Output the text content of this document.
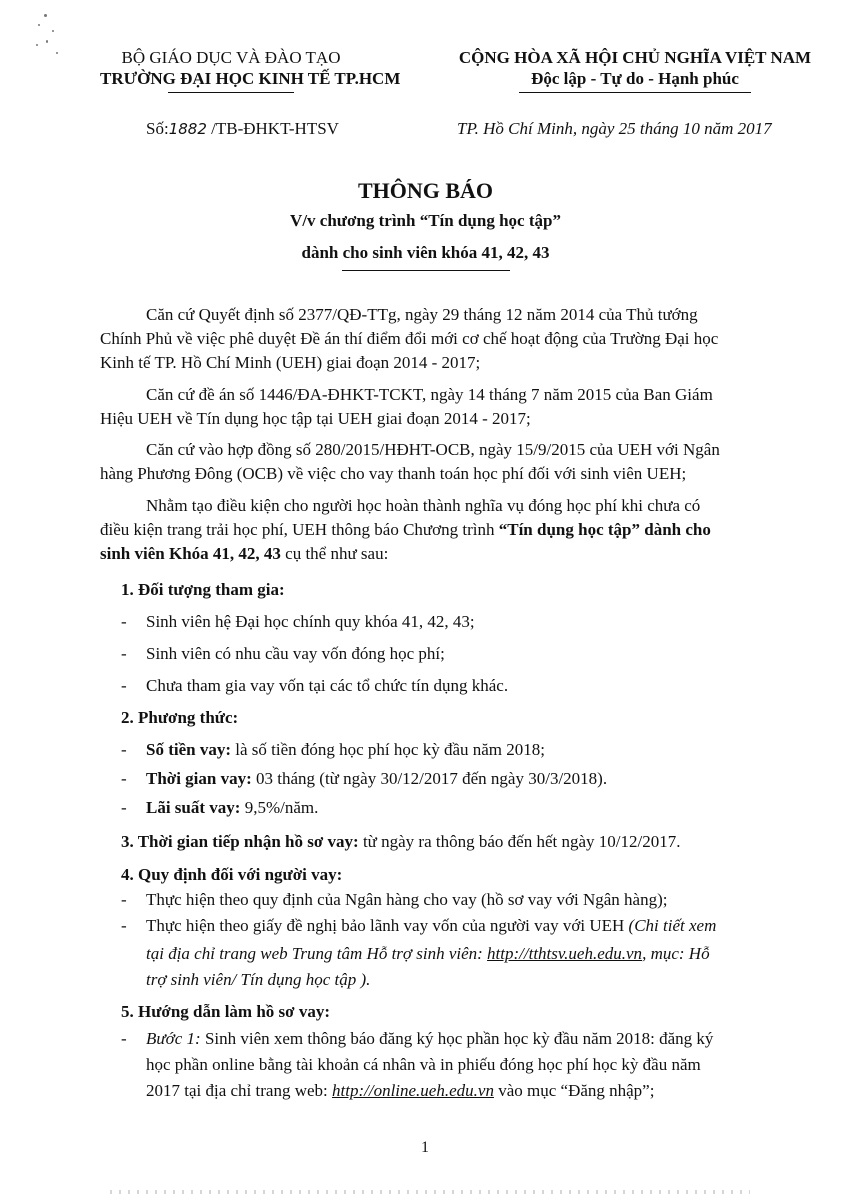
BỘ GIÁO DỤC VÀ ĐÀO TẠO
TRƯỜNG ĐẠI HỌC KINH TẾ TP.HCM
CỘNG HÒA XÃ HỘI CHỦ NGHĨA VIỆT NAM
Độc lập - Tự do - Hạnh phúc
Số:1882 /TB-ĐHKT-HTSV	TP. Hồ Chí Minh, ngày 25 tháng 10 năm 2017
THÔNG BÁO
V/v chương trình “Tín dụng học tập”
dành cho sinh viên khóa 41, 42, 43
Căn cứ Quyết định số 2377/QĐ-TTg, ngày 29 tháng 12 năm 2014 của Thủ tướng
Chính Phủ về việc phê duyệt Đề án thí điểm đổi mới cơ chế hoạt động của Trường Đại học
Kinh tế TP. Hồ Chí Minh (UEH) giai đoạn 2014 - 2017;
Căn cứ đề án số 1446/ĐA-ĐHKT-TCKT, ngày 14 tháng 7 năm 2015 của Ban Giám
Hiệu UEH về Tín dụng học tập tại UEH giai đoạn 2014 - 2017;
Căn cứ vào hợp đồng số 280/2015/HĐHT-OCB, ngày 15/9/2015 của UEH với Ngân
hàng Phương Đông (OCB) về việc cho vay thanh toán học phí đối với sinh viên UEH;
Nhằm tạo điều kiện cho người học hoàn thành nghĩa vụ đóng học phí khi chưa có
điều kiện trang trải học phí, UEH thông báo Chương trình “Tín dụng học tập” dành cho
sinh viên Khóa 41, 42, 43 cụ thể như sau:
1. Đối tượng tham gia:
- Sinh viên hệ Đại học chính quy khóa 41, 42, 43;
- Sinh viên có nhu cầu vay vốn đóng học phí;
- Chưa tham gia vay vốn tại các tổ chức tín dụng khác.
2. Phương thức:
- Số tiền vay: là số tiền đóng học phí học kỳ đầu năm 2018;
- Thời gian vay: 03 tháng (từ ngày 30/12/2017 đến ngày 30/3/2018).
- Lãi suất vay: 9,5%/năm.
3. Thời gian tiếp nhận hồ sơ vay: từ ngày ra thông báo đến hết ngày 10/12/2017.
4. Quy định đối với người vay:
- Thực hiện theo quy định của Ngân hàng cho vay (hồ sơ vay với Ngân hàng);
- Thực hiện theo giấy đề nghị bảo lãnh vay vốn của người vay với UEH (Chi tiết xem
tại địa chỉ trang web Trung tâm Hỗ trợ sinh viên: http://tthtsv.ueh.edu.vn, mục: Hỗ
trợ sinh viên/ Tín dụng học tập ).
5. Hướng dẫn làm hồ sơ vay:
- Bước 1: Sinh viên xem thông báo đăng ký học phần học kỳ đầu năm 2018: đăng ký
học phần online bằng tài khoản cá nhân và in phiếu đóng học phí học kỳ đầu năm
2017 tại địa chỉ trang web: http://online.ueh.edu.vn vào mục “Đăng nhập”;
1
